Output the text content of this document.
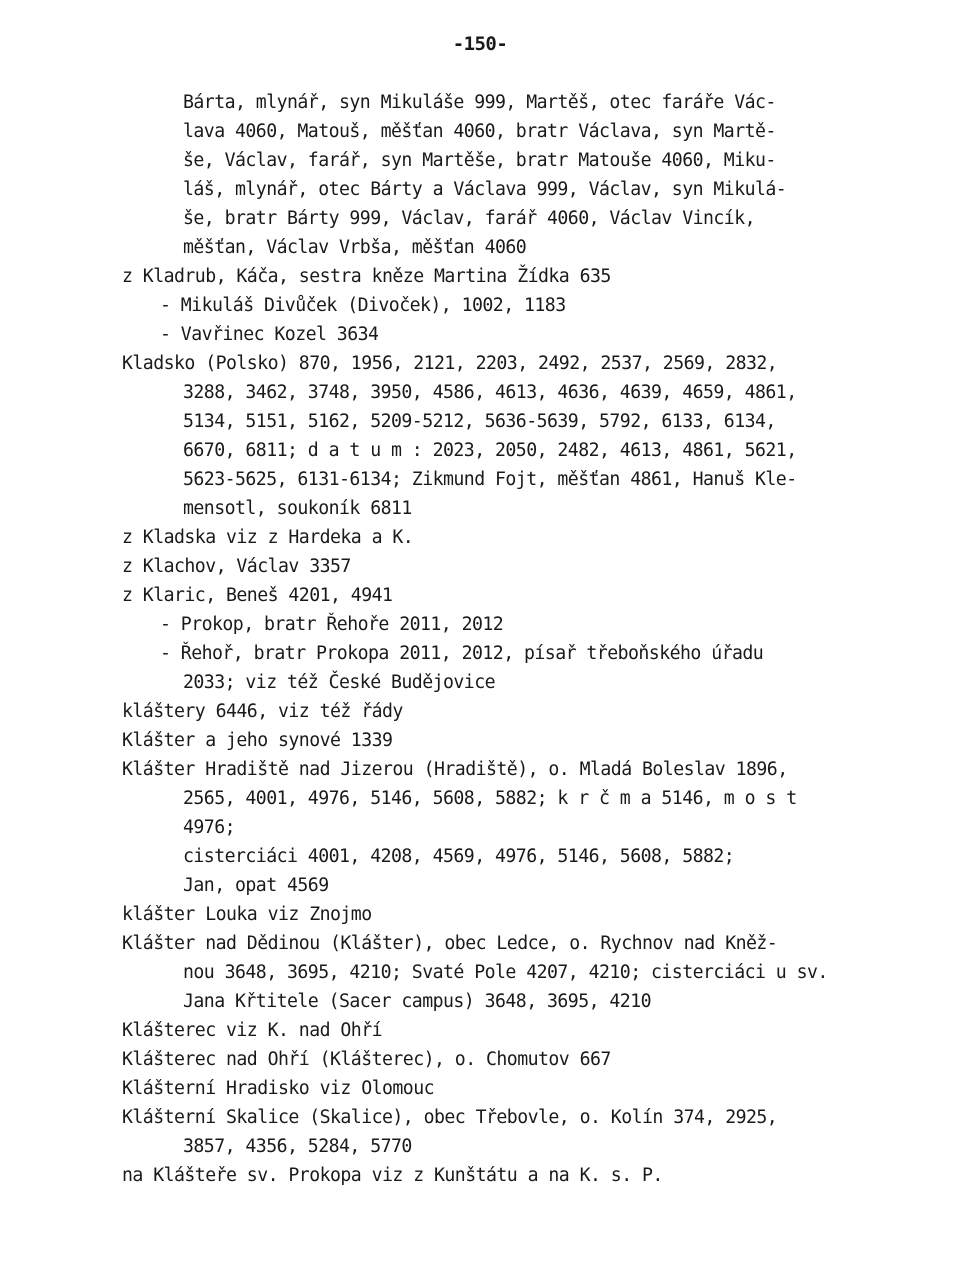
-150-
Bárta, mlynář, syn Mikuláše 999, Martěš, otec faráře Vác-
lava 4060, Matouš, měšťan 4060, bratr Václava, syn Martě-
še, Václav, farář, syn Martěše, bratr Matouše 4060, Miku-
láš, mlynář, otec Bárty a Václava 999, Václav, syn Mikulá-
še, bratr Bárty 999, Václav, farář 4060, Václav Vincík,
měšťan, Václav Vrbša, měšťan 4060
z Kladrub, Káča, sestra kněze Martina Žídka 635
- Mikuláš Divůček (Divoček), 1002, 1183
- Vavřinec Kozel 3634
Kladsko (Polsko) 870, 1956, 2121, 2203, 2492, 2537, 2569, 2832,
3288, 3462, 3748, 3950, 4586, 4613, 4636, 4639, 4659, 4861,
5134, 5151, 5162, 5209-5212, 5636-5639, 5792, 6133, 6134,
6670, 6811; d a t u m : 2023, 2050, 2482, 4613, 4861, 5621,
5623-5625, 6131-6134; Zikmund Fojt, měšťan 4861, Hanuš Kle-
mensotl, soukoník 6811
z Kladska viz z Hardeka a K.
z Klachov, Václav 3357
z Klaric, Beneš 4201, 4941
- Prokop, bratr Řehoře 2011, 2012
- Řehoř, bratr Prokopa 2011, 2012, písař třeboňského úřadu
2033; viz též České Budějovice
kláštery 6446, viz též řády
Klášter a jeho synové 1339
Klášter Hradiště nad Jizerou (Hradiště), o. Mladá Boleslav 1896,
2565, 4001, 4976, 5146, 5608, 5882; k r č m a 5146, m o s t
4976;
cisterciáci 4001, 4208, 4569, 4976, 5146, 5608, 5882;
Jan, opat 4569
klášter Louka viz Znojmo
Klášter nad Dědinou (Klášter), obec Ledce, o. Rychnov nad Kněž-
nou 3648, 3695, 4210; Svaté Pole 4207, 4210; cisterciáci u sv.
Jana Křtitele (Sacer campus) 3648, 3695, 4210
Klášterec viz K. nad Ohří
Klášterec nad Ohří (Klášterec), o. Chomutov 667
Klášterní Hradisko viz Olomouc
Klášterní Skalice (Skalice), obec Třebovle, o. Kolín 374, 2925,
3857, 4356, 5284, 5770
na Klášteře sv. Prokopa viz z Kunštátu a na K. s. P.
